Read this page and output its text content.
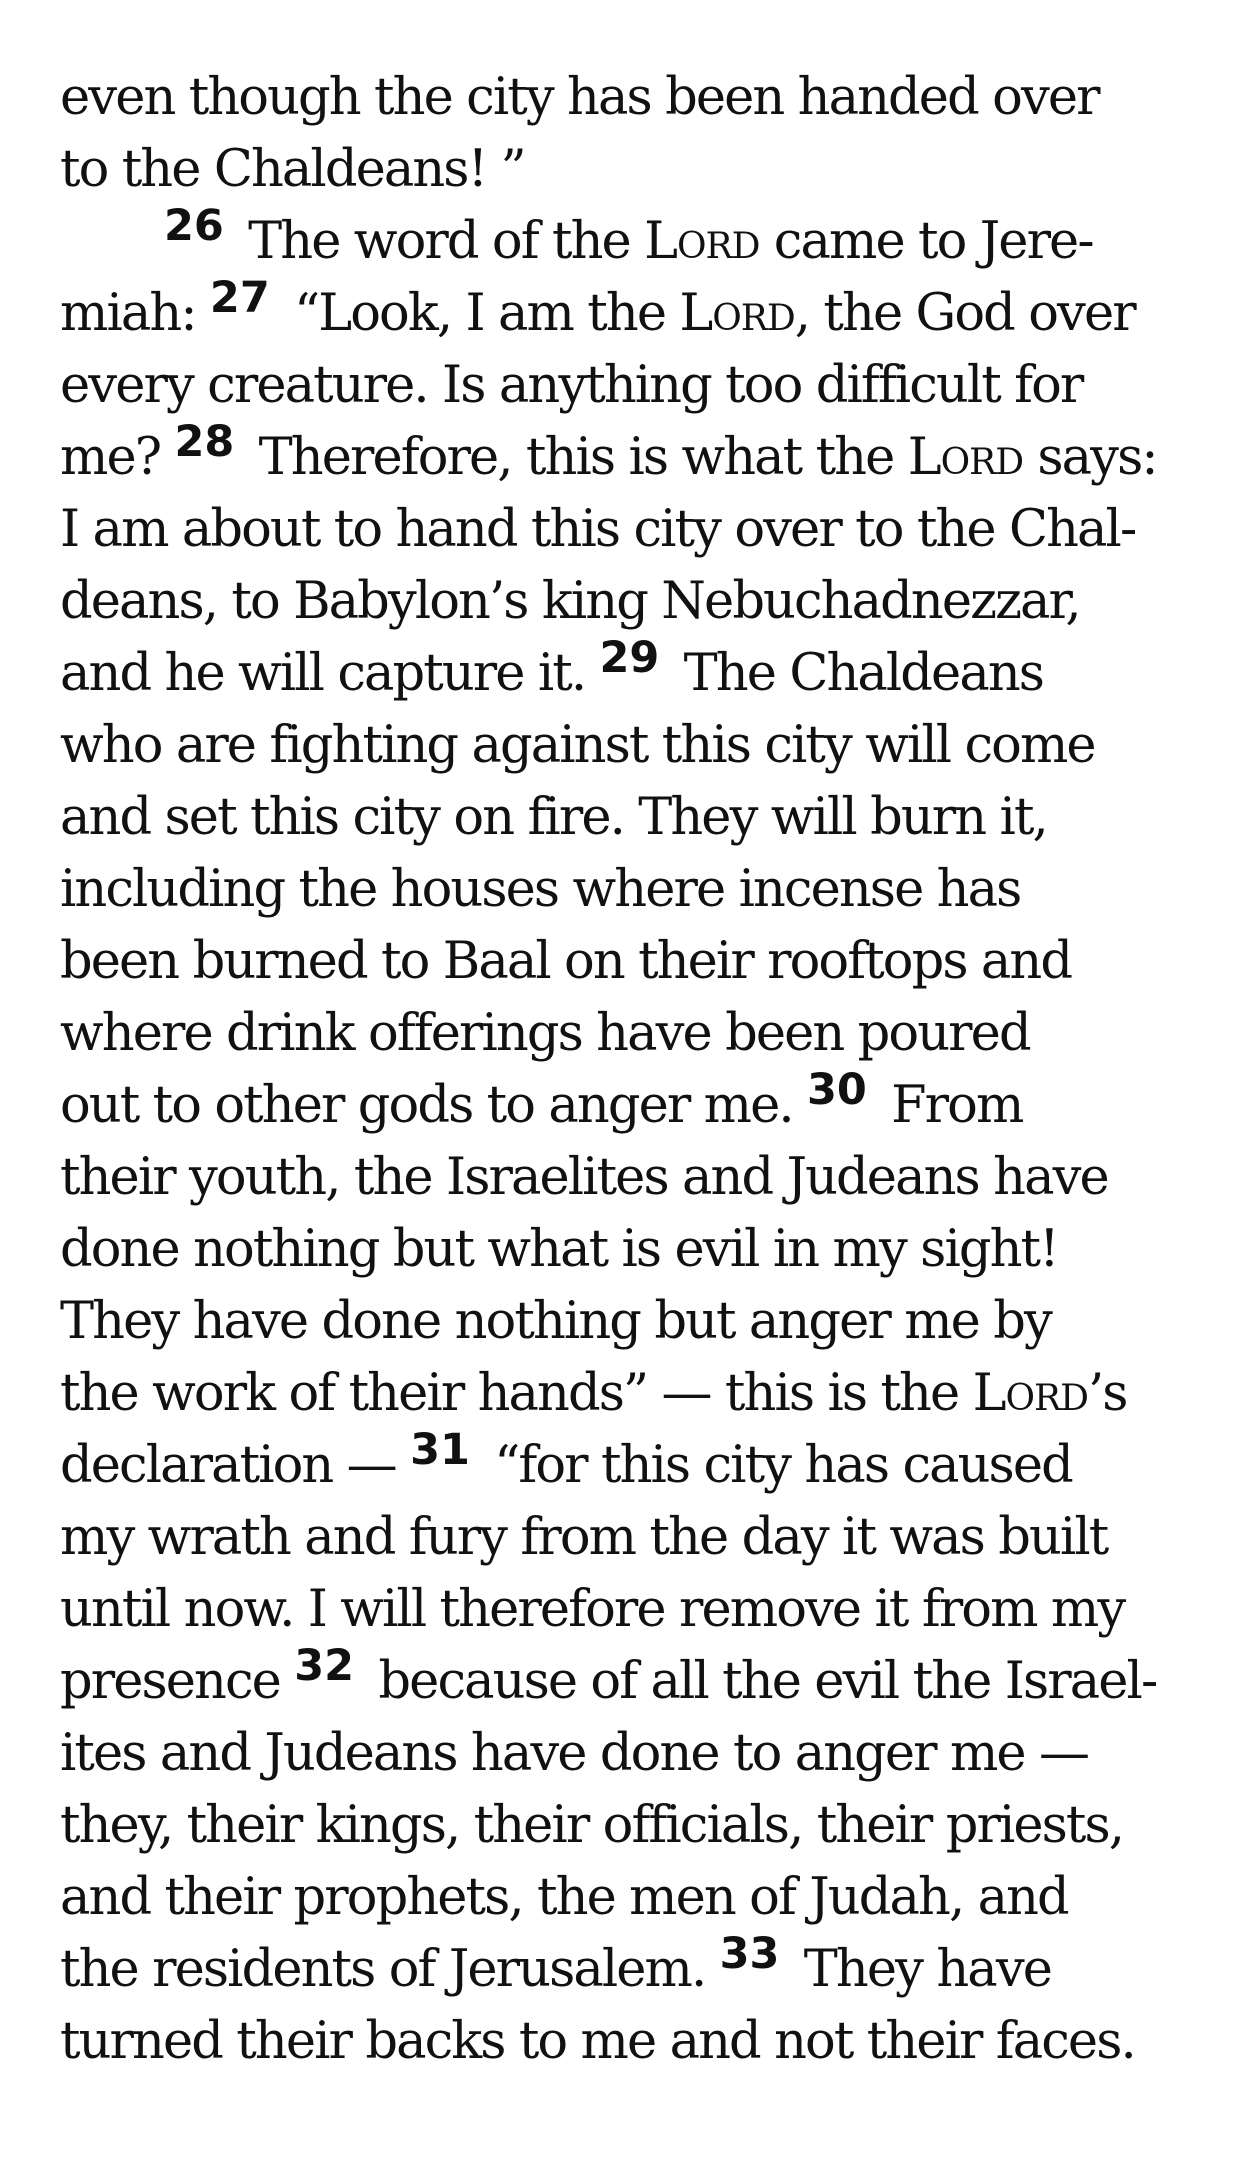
even though the city has been handed over
to the Chaldeans! ”
$^{26}$ The word of the Lord came to Jere-
miah: $^{27}$ “Look, I am the Lord, the God over
every creature. Is anything too difficult for
me? $^{28}$ Therefore, this is what the Lord says:
I am about to hand this city over to the Chal-
deans, to Babylon’s king Nebuchadnezzar,
and he will capture it. $^{29}$ The Chaldeans
who are fighting against this city will come
and set this city on fire. They will burn it,
including the houses where incense has
been burned to Baal on their rooftops and
where drink offerings have been poured
out to other gods to anger me. $^{30}$ From
their youth, the Israelites and Judeans have
done nothing but what is evil in my sight!
They have done nothing but anger me by
the work of their hands” — this is the Lord’s
declaration — $^{31}$ “for this city has caused
my wrath and fury from the day it was built
until now. I will therefore remove it from my
presence $^{32}$ because of all the evil the Israel-
ites and Judeans have done to anger me —
they, their kings, their officials, their priests,
and their prophets, the men of Judah, and
the residents of Jerusalem. $^{33}$ They have
turned their backs to me and not their faces.
